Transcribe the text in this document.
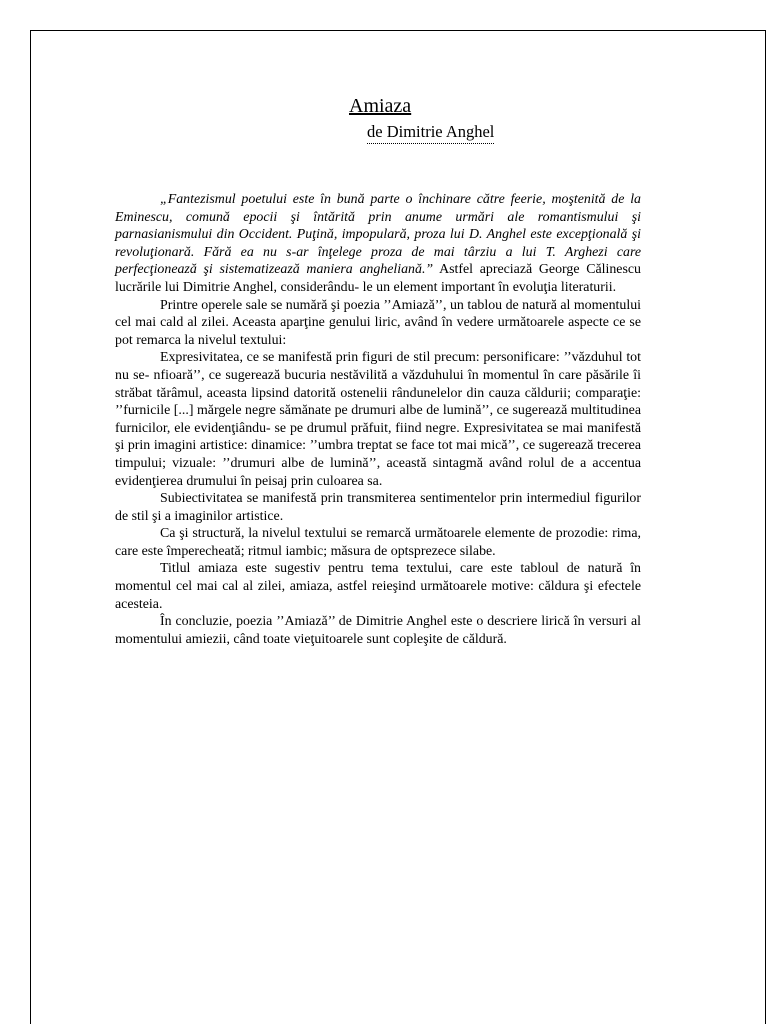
Amiaza
de Dimitrie Anghel

„Fantezismul poetului este în bună parte o închinare către feerie, moştenită de la Eminescu, comună epocii şi întărită prin anume urmări ale romantismului şi parnasianismului din Occident. Puţină, impopulară, proza lui D. Anghel este excepţională şi revoluţionară. Fără ea nu s-ar înţelege proza de mai târziu a lui T. Arghezi care perfecţionează şi sistematizează maniera angheliană.” Astfel apreciază George Călinescu lucrările lui Dimitrie Anghel, considerându- le un element important în evoluţia literaturii.

Printre operele sale se numără şi poezia ’’Amiază’’, un tablou de natură al momentului cel mai cald al zilei. Aceasta aparţine genului liric, având în vedere următoarele aspecte ce se pot remarca la nivelul textului:

Expresivitatea, ce se manifestă prin figuri de stil precum: personificare: ’’văzduhul tot nu se- nfioară’’, ce sugerează bucuria nestăvilită a văzduhului în momentul în care păsările îi străbat tărâmul, aceasta lipsind datorită ostenelii rândunelelor din cauza căldurii; comparaţie: ’’furnicile [...] mărgele negre sămănate pe drumuri albe de lumină’’, ce sugerează multitudinea furnicilor, ele evidenţiându- se pe drumul prăfuit, fiind negre. Expresivitatea se mai manifestă şi prin imagini artistice: dinamice: ’’umbra treptat se face tot mai mică’’, ce sugerează trecerea timpului; vizuale: ’’drumuri albe de lumină’’, această sintagmă având rolul de a accentua evidenţierea drumului în peisaj prin culoarea sa.

Subiectivitatea se manifestă prin transmiterea sentimentelor prin intermediul figurilor de stil şi a imaginilor artistice.

Ca şi structură, la nivelul textului se remarcă următoarele elemente de prozodie: rima, care este împerecheată; ritmul iambic; măsura de optsprezece silabe.

Titlul amiaza este sugestiv pentru tema textului, care este tabloul de natură în momentul cel mai cal al zilei, amiaza, astfel reieşind următoarele motive: căldura şi efectele acesteia.

În concluzie, poezia ’’Amiază’’ de Dimitrie Anghel este o descriere lirică în versuri al momentului amiezii, când toate vieţuitoarele sunt copleşite de căldură.
